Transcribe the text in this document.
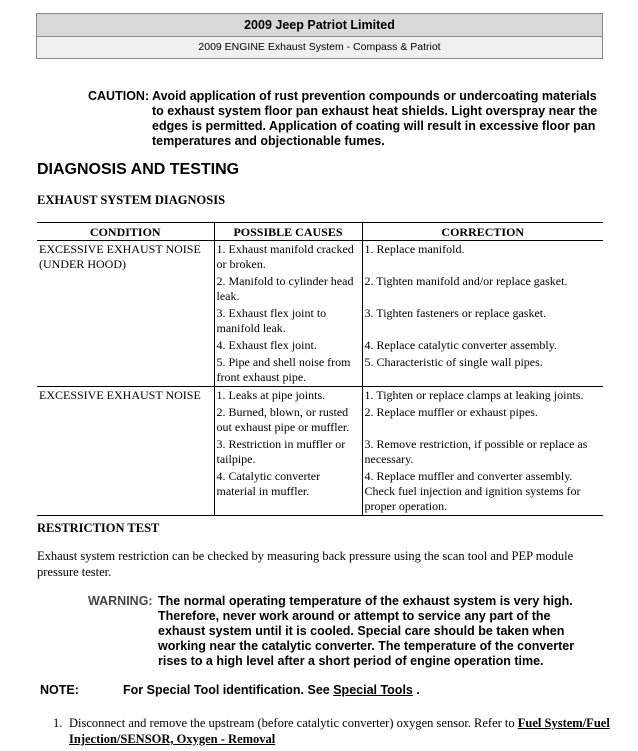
2009 Jeep Patriot Limited
2009 ENGINE Exhaust System - Compass & Patriot
CAUTION: Avoid application of rust prevention compounds or undercoating materials to exhaust system floor pan exhaust heat shields. Light overspray near the edges is permitted. Application of coating will result in excessive floor pan temperatures and objectionable fumes.
DIAGNOSIS AND TESTING
EXHAUST SYSTEM DIAGNOSIS
CONDITION	POSSIBLE CAUSES	CORRECTION
EXCESSIVE EXHAUST NOISE (UNDER HOOD)	1. Exhaust manifold cracked or broken.	1. Replace manifold.
	2. Manifold to cylinder head leak.	2. Tighten manifold and/or replace gasket.
	3. Exhaust flex joint to manifold leak.	3. Tighten fasteners or replace gasket.
	4. Exhaust flex joint.	4. Replace catalytic converter assembly.
	5. Pipe and shell noise from front exhaust pipe.	5. Characteristic of single wall pipes.
EXCESSIVE EXHAUST NOISE	1. Leaks at pipe joints.	1. Tighten or replace clamps at leaking joints.
	2. Burned, blown, or rusted out exhaust pipe or muffler.	2. Replace muffler or exhaust pipes.
	3. Restriction in muffler or tailpipe.	3. Remove restriction, if possible or replace as necessary.
	4. Catalytic converter material in muffler.	4. Replace muffler and converter assembly. Check fuel injection and ignition systems for proper operation.
RESTRICTION TEST
Exhaust system restriction can be checked by measuring back pressure using the scan tool and PEP module pressure tester.
WARNING: The normal operating temperature of the exhaust system is very high. Therefore, never work around or attempt to service any part of the exhaust system until it is cooled. Special care should be taken when working near the catalytic converter. The temperature of the converter rises to a high level after a short period of engine operation time.
NOTE:	For Special Tool identification. See Special Tools .
1. Disconnect and remove the upstream (before catalytic converter) oxygen sensor. Refer to Fuel System/Fuel Injection/SENSOR, Oxygen - Removal
